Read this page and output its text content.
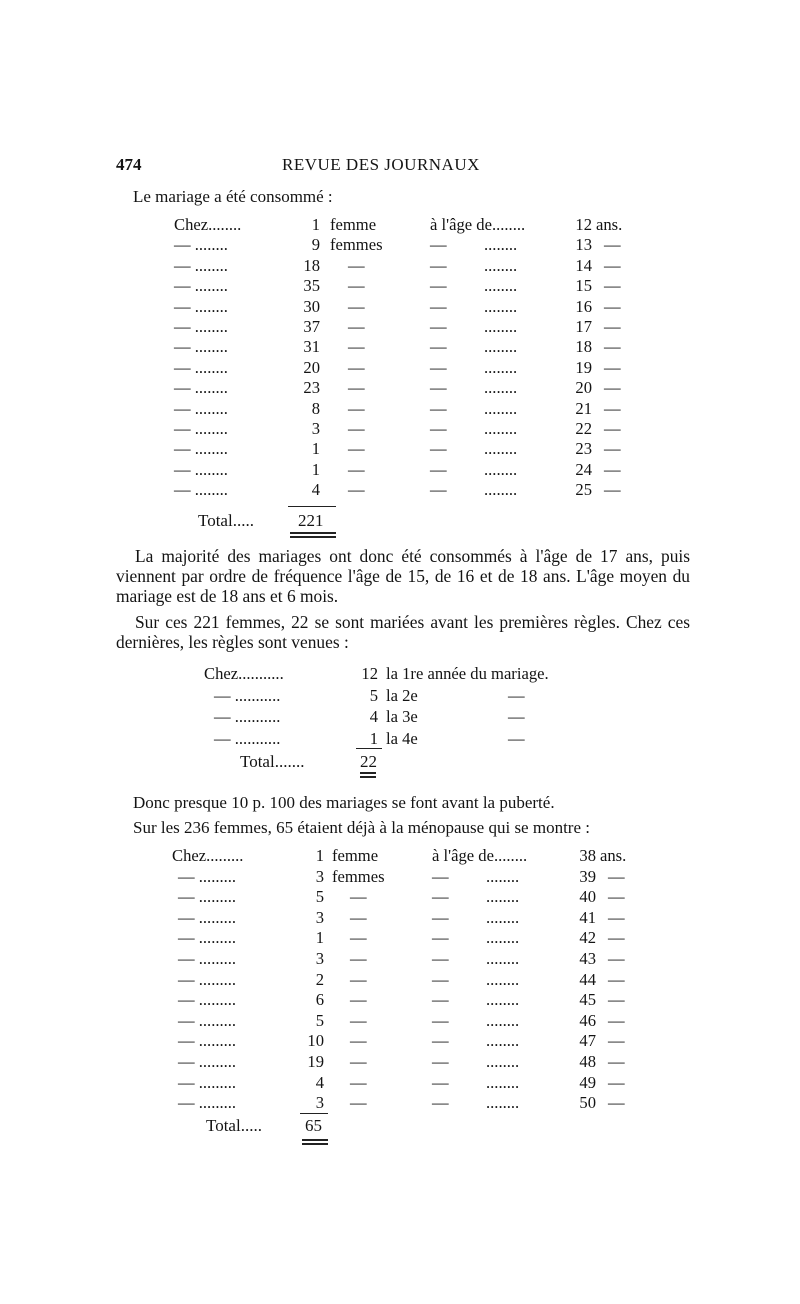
474	REVUE DES JOURNAUX
Le mariage a été consommé :
Chez........	1 femme	à l'âge de........	12 ans.
— ........	9 femmes	— ........	13 —
— ........	18 —	— ........	14 —
— ........	35 —	— ........	15 —
— ........	30 —	— ........	16 —
— ........	37 —	— ........	17 —
— ........	31 —	— ........	18 —
— ........	20 —	— ........	19 —
— ........	23 —	— ........	20 —
— ........	8 —	— ........	21 —
— ........	3 —	— ........	22 —
— ........	1 —	— ........	23 —
— ........	1 —	— ........	24 —
— ........	4 —	— ........	25 —
Total.....	221

La majorité des mariages ont donc été consommés à l'âge de 17 ans, puis viennent par ordre de fréquence l'âge de 15, de 16 et de 18 ans. L'âge moyen du mariage est de 18 ans et 6 mois.

Sur ces 221 femmes, 22 se sont mariées avant les premières règles. Chez ces dernières, les règles sont venues :

Chez...........	12 la 1re année du mariage.
— ...........	5 la 2e	—
— ...........	4 la 3e	—
— ...........	1 la 4e	—
Total.......	22
Donc presque 10 p. 100 des mariages se font avant la puberté.
Sur les 236 femmes, 65 étaient déjà à la ménopause qui se montre :
Chez.........	1 femme	à l'âge de........	38 ans.
— .........	3 femmes	— ........	39 —
— .........	5 —	— ........	40 —
— .........	3 —	— ........	41 —
— .........	1 —	— ........	42 —
— .........	3 —	— ........	43 —
— .........	2 —	— ........	44 —
— .........	6 —	— ........	45 —
— .........	5 —	— ........	46 —
— .........	10 —	— ........	47 —
— .........	19 —	— ........	48 —
— .........	4 —	— ........	49 —
— .........	3 —	— ........	50 —
Total.....	65
